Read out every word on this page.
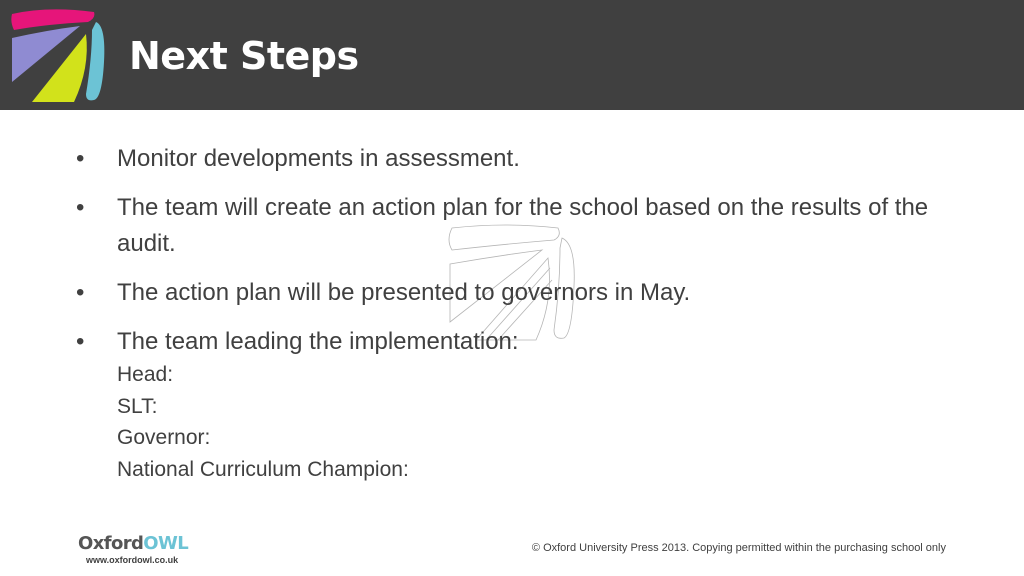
Next Steps
• Monitor developments in assessment.
• The team will create an action plan for the school based on the results of the audit.
• The action plan will be presented to governors in May.
• The team leading the implementation:
Head:
SLT:
Governor:
National Curriculum Champion:
OxfordOWL
www.oxfordowl.co.uk
© Oxford University Press 2013. Copying permitted within the purchasing school only
